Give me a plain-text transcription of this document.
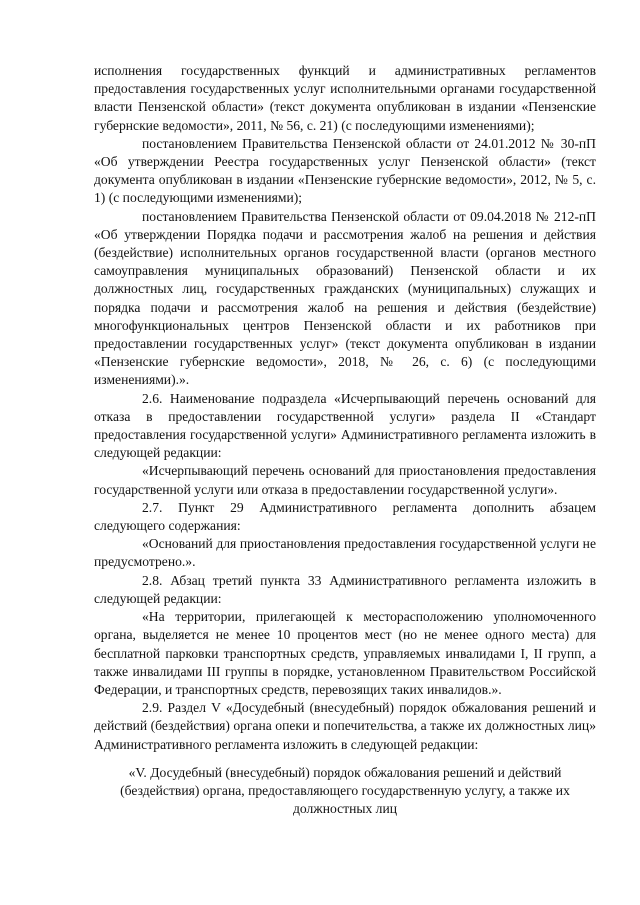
исполнения государственных функций и административных регламентов предоставления государственных услуг исполнительными органами государственной власти Пензенской области» (текст документа опубликован в издании «Пензенские губернские ведомости», 2011, № 56, с. 21) (с последующими изменениями);

постановлением Правительства Пензенской области от 24.01.2012 № 30-пП «Об утверждении Реестра государственных услуг Пензенской области» (текст документа опубликован в издании «Пензенские губернские ведомости», 2012, № 5, с. 1) (с последующими изменениями);

постановлением Правительства Пензенской области от 09.04.2018 № 212-пП «Об утверждении Порядка подачи и рассмотрения жалоб на решения и действия (бездействие) исполнительных органов государственной власти (органов местного самоуправления муниципальных образований) Пензенской области и их должностных лиц, государственных гражданских (муниципальных) служащих и порядка подачи и рассмотрения жалоб на решения и действия (бездействие) многофункциональных центров Пензенской области и их работников при предоставлении государственных услуг» (текст документа опубликован в издании «Пензенские губернские ведомости», 2018, № 26, с. 6) (с последующими изменениями).».

2.6. Наименование подраздела «Исчерпывающий перечень оснований для отказа в предоставлении государственной услуги» раздела II «Стандарт предоставления государственной услуги» Административного регламента изложить в следующей редакции:

«Исчерпывающий перечень оснований для приостановления предоставления государственной услуги или отказа в предоставлении государственной услуги».

2.7. Пункт 29 Административного регламента дополнить абзацем следующего содержания:

«Оснований для приостановления предоставления государственной услуги не предусмотрено.».

2.8. Абзац третий пункта 33 Административного регламента изложить в следующей редакции:

«На территории, прилегающей к месторасположению уполномоченного органа, выделяется не менее 10 процентов мест (но не менее одного места) для бесплатной парковки транспортных средств, управляемых инвалидами I, II групп, а также инвалидами III группы в порядке, установленном Правительством Российской Федерации, и транспортных средств, перевозящих таких инвалидов.».

2.9. Раздел V «Досудебный (внесудебный) порядок обжалования решений и действий (бездействия) органа опеки и попечительства, а также их должностных лиц» Административного регламента изложить в следующей редакции:

«V. Досудебный (внесудебный) порядок обжалования решений и действий (бездействия) органа, предоставляющего государственную услугу, а также их должностных лиц
